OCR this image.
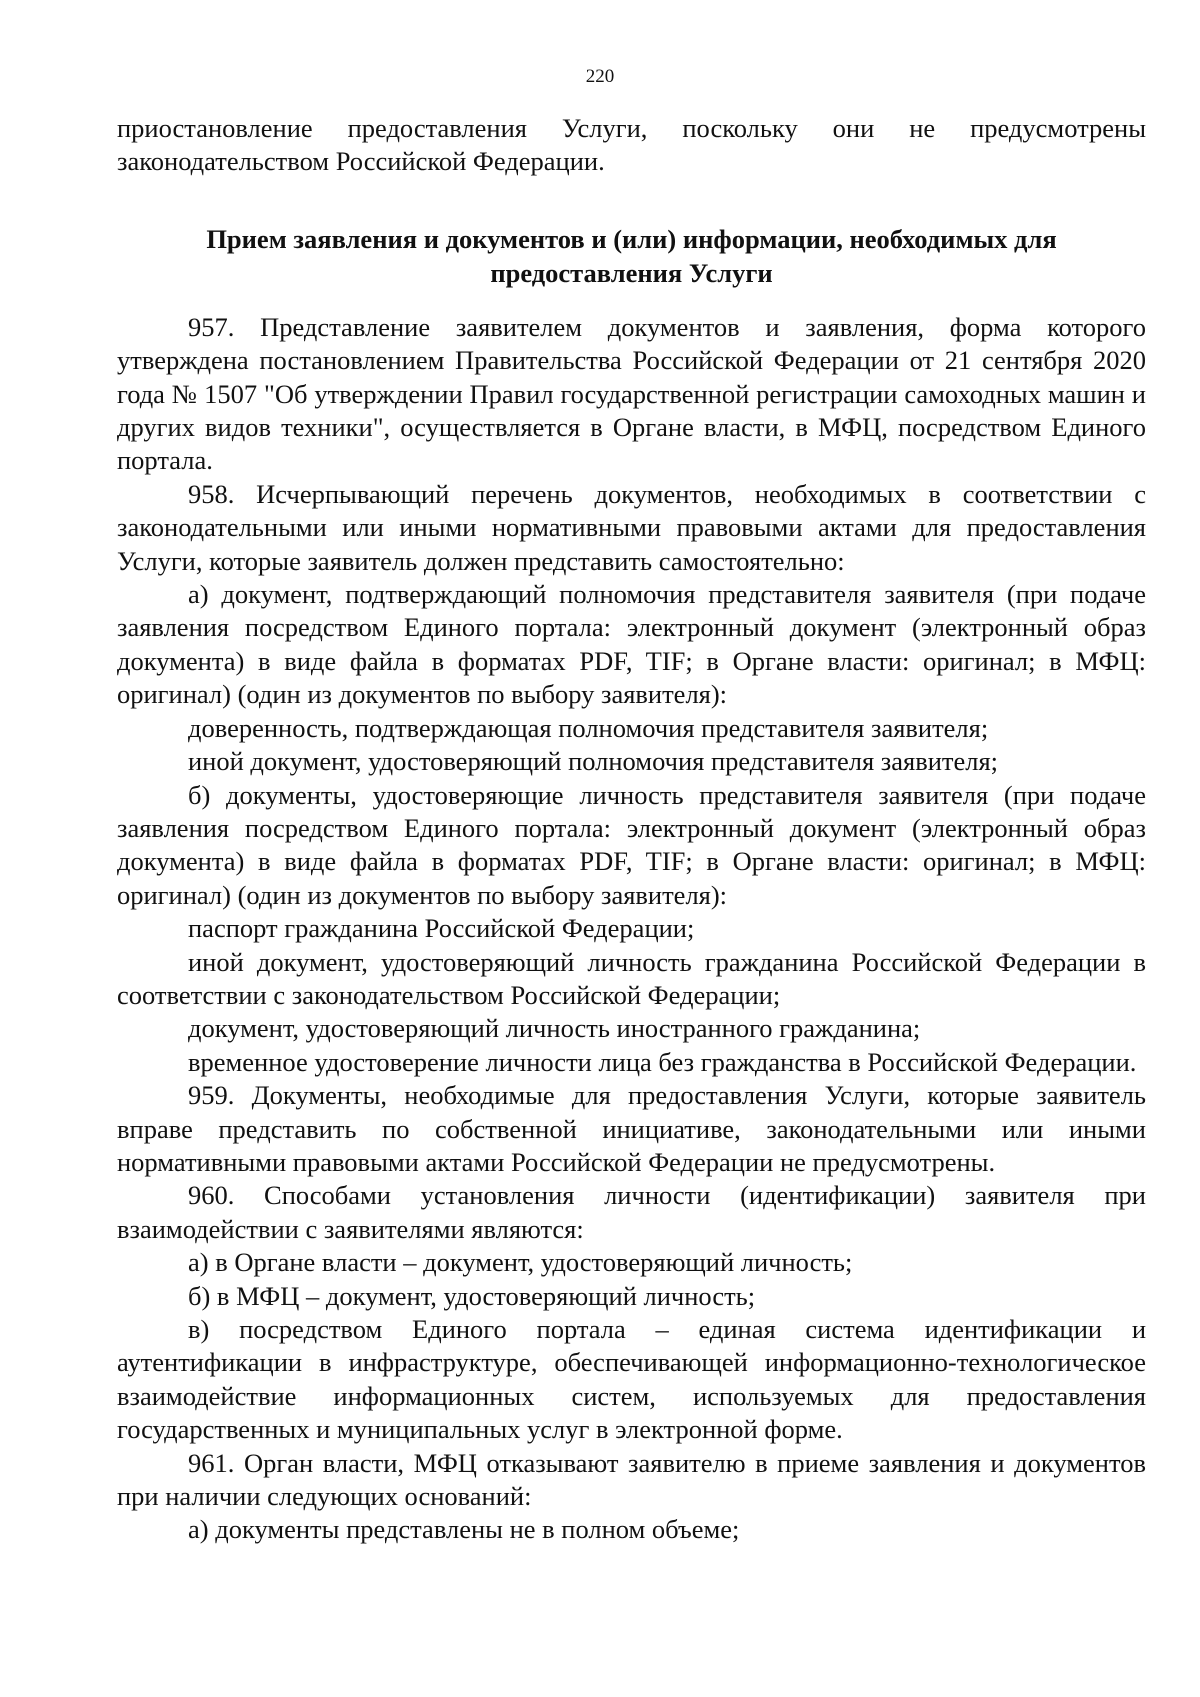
220

приостановление предоставления Услуги, поскольку они не предусмотрены законодательством Российской Федерации.

Прием заявления и документов и (или) информации, необходимых для предоставления Услуги

957. Представление заявителем документов и заявления, форма которого утверждена постановлением Правительства Российской Федерации от 21 сентября 2020 года № 1507 "Об утверждении Правил государственной регистрации самоходных машин и других видов техники", осуществляется в Органе власти, в МФЦ, посредством Единого портала.

958. Исчерпывающий перечень документов, необходимых в соответствии с законодательными или иными нормативными правовыми актами для предоставления Услуги, которые заявитель должен представить самостоятельно:

а) документ, подтверждающий полномочия представителя заявителя (при подаче заявления посредством Единого портала: электронный документ (электронный образ документа) в виде файла в форматах PDF, TIF; в Органе власти: оригинал; в МФЦ: оригинал) (один из документов по выбору заявителя):

доверенность, подтверждающая полномочия представителя заявителя;

иной документ, удостоверяющий полномочия представителя заявителя;

б) документы, удостоверяющие личность представителя заявителя (при подаче заявления посредством Единого портала: электронный документ (электронный образ документа) в виде файла в форматах PDF, TIF; в Органе власти: оригинал; в МФЦ: оригинал) (один из документов по выбору заявителя):

паспорт гражданина Российской Федерации;

иной документ, удостоверяющий личность гражданина Российской Федерации в соответствии с законодательством Российской Федерации;

документ, удостоверяющий личность иностранного гражданина;

временное удостоверение личности лица без гражданства в Российской Федерации.

959. Документы, необходимые для предоставления Услуги, которые заявитель вправе представить по собственной инициативе, законодательными или иными нормативными правовыми актами Российской Федерации не предусмотрены.

960. Способами установления личности (идентификации) заявителя при взаимодействии с заявителями являются:

а) в Органе власти – документ, удостоверяющий личность;

б) в МФЦ – документ, удостоверяющий личность;

в) посредством Единого портала – единая система идентификации и аутентификации в инфраструктуре, обеспечивающей информационно-технологическое взаимодействие информационных систем, используемых для предоставления государственных и муниципальных услуг в электронной форме.

961. Орган власти, МФЦ отказывают заявителю в приеме заявления и документов при наличии следующих оснований:

а) документы представлены не в полном объеме;
